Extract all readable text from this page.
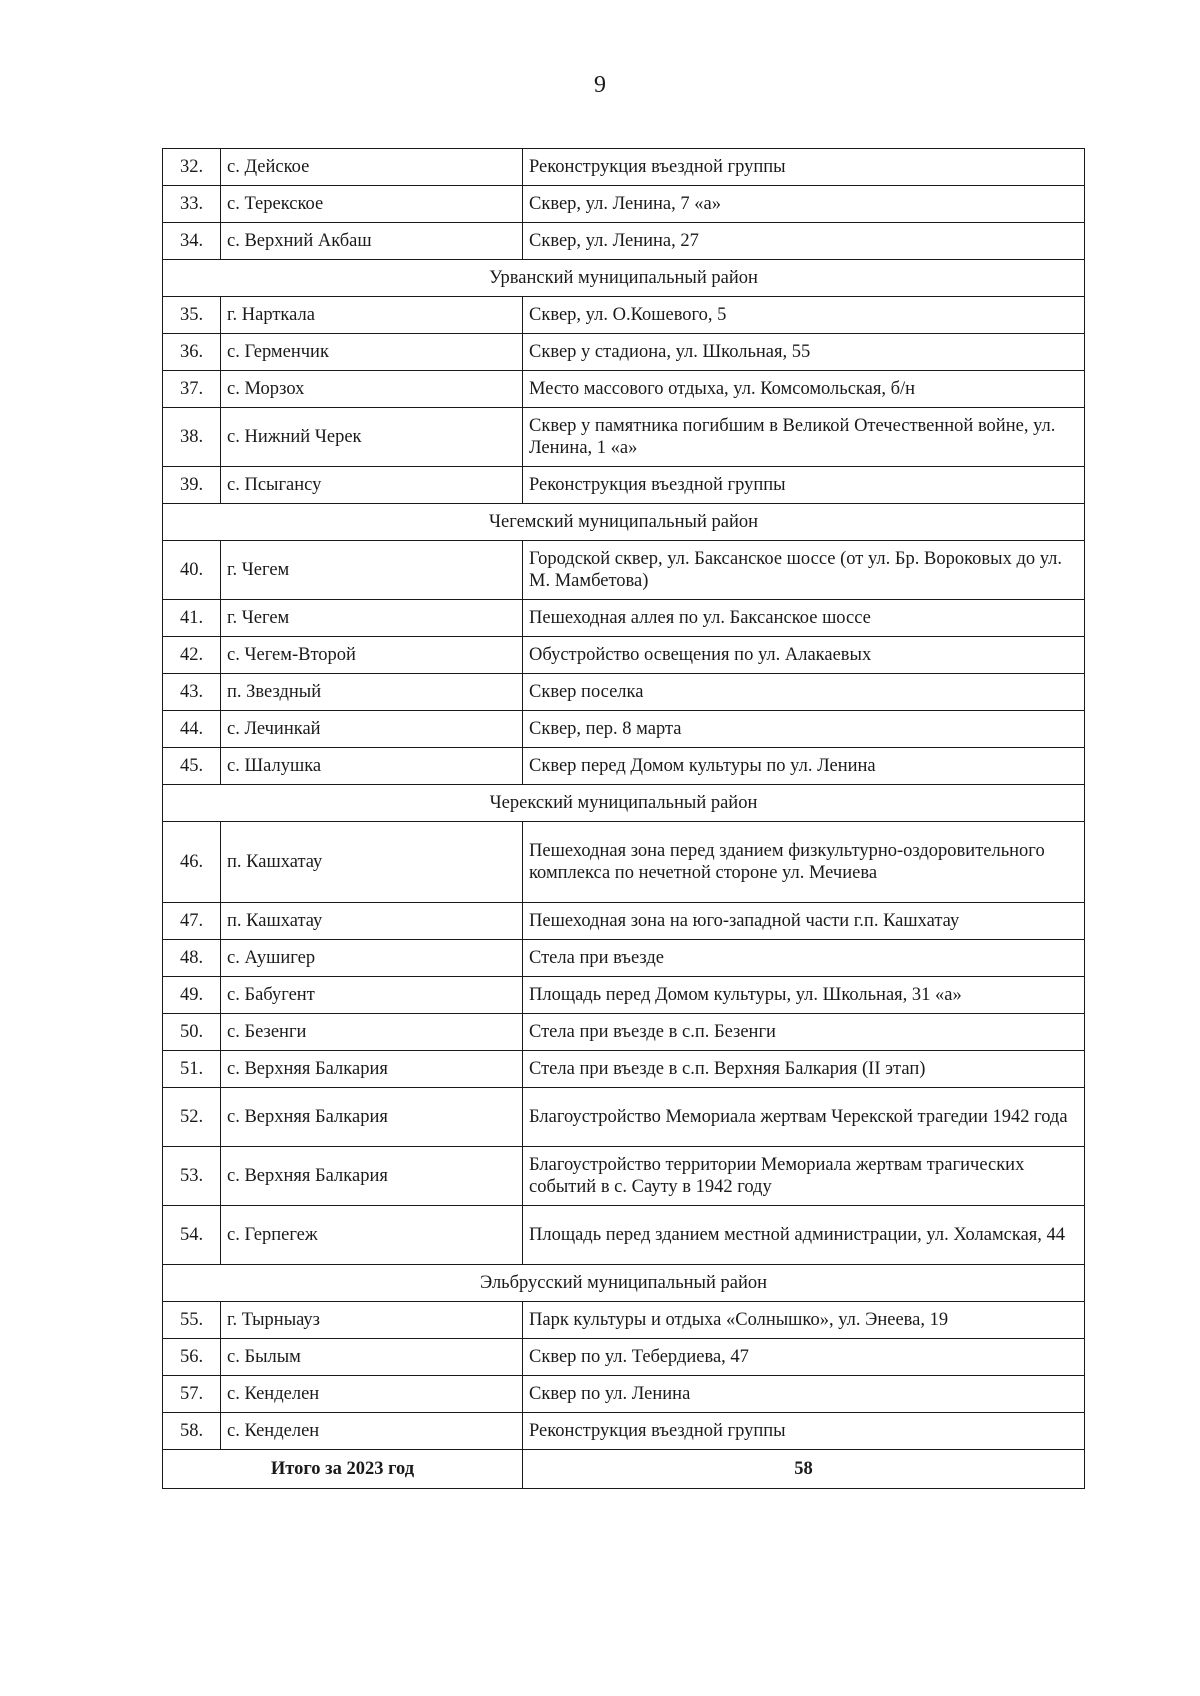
9
32.	с. Дейское	Реконструкция въездной группы
33.	с. Терекское	Сквер, ул. Ленина, 7 «а»
34.	с. Верхний Акбаш	Сквер, ул. Ленина, 27
Урванский муниципальный район		
35.	г. Нарткала	Сквер, ул. О.Кошевого, 5
36.	с. Герменчик	Сквер у стадиона, ул. Школьная, 55
37.	с. Морзох	Место массового отдыха, ул. Комсомольская, б/н
38.	с. Нижний Черек	Сквер у памятника погибшим в Великой Отечественной войне, ул. Ленина, 1 «а»
39.	с. Псыгансу	Реконструкция въездной группы
Чегемский муниципальный район		
40.	г. Чегем	Городской сквер, ул. Баксанское шоссе (от ул. Бр. Вороковых до ул. М. Мамбетова)
41.	г. Чегем	Пешеходная аллея по ул. Баксанское шоссе
42.	с. Чегем-Второй	Обустройство освещения по ул. Алакаевых
43.	п. Звездный	Сквер поселка
44.	с. Лечинкай	Сквер, пер. 8 марта
45.	с. Шалушка	Сквер перед Домом культуры по ул. Ленина
Черекский муниципальный район		
46.	п. Кашхатау	Пешеходная зона перед зданием физкультурно-оздоровительного комплекса по нечетной стороне ул. Мечиева
47.	п. Кашхатау	Пешеходная зона на юго-западной части г.п. Кашхатау
48.	с. Аушигер	Стела при въезде
49.	с. Бабугент	Площадь перед Домом культуры, ул. Школьная, 31 «а»
50.	с. Безенги	Стела при въезде в с.п. Безенги
51.	с. Верхняя Балкария	Стела при въезде в с.п. Верхняя Балкария (II этап)
52.	с. Верхняя Балкария	Благоустройство Мемориала жертвам Черекской трагедии 1942 года
53.	с. Верхняя Балкария	Благоустройство территории Мемориала жертвам трагических событий в с. Сауту в 1942 году
54.	с. Герпегеж	Площадь перед зданием местной администрации, ул. Холамская, 44
Эльбрусский муниципальный район		
55.	г. Тырныауз	Парк культуры и отдыха «Солнышко», ул. Энеева, 19
56.	с. Былым	Сквер по ул. Тебердиева, 47
57.	с. Кенделен	Сквер по ул. Ленина
58.	с. Кенделен	Реконструкция въездной группы
Итого за 2023 год		58
